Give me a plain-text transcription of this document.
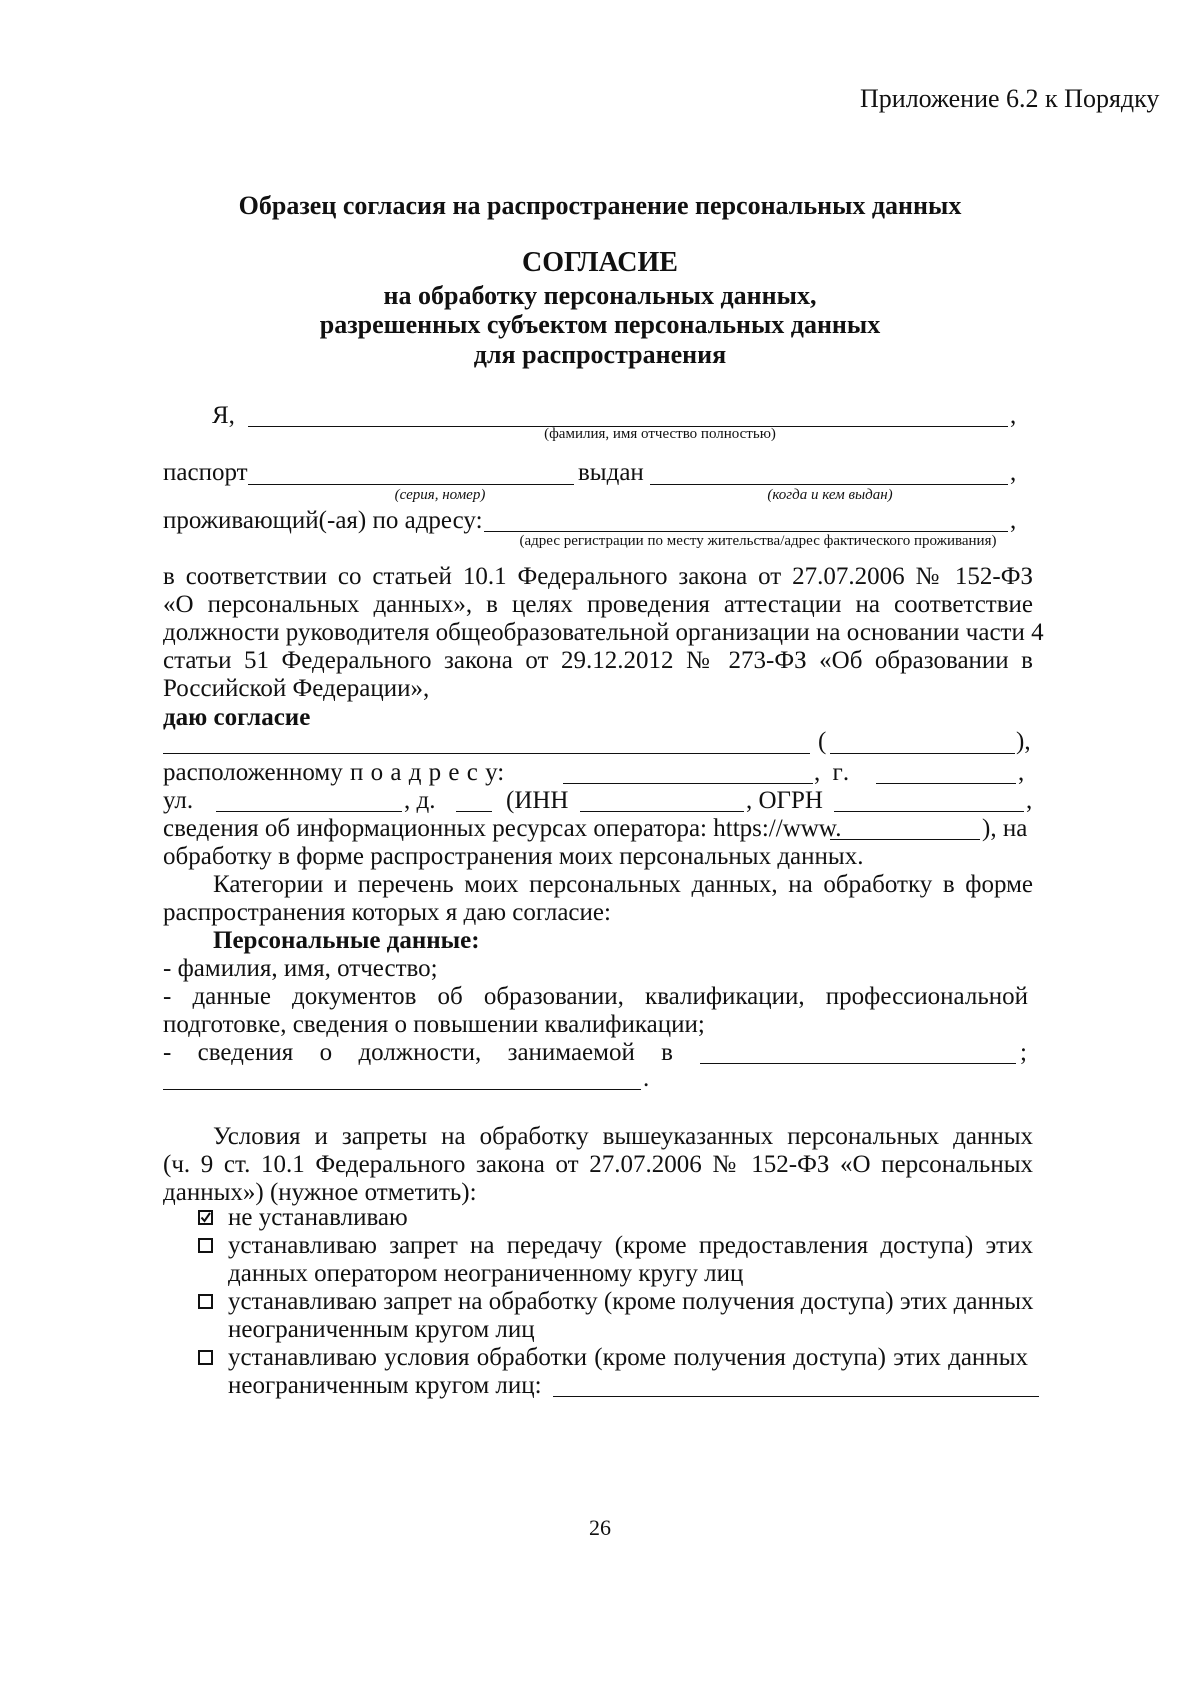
Приложение 6.2 к Порядку
Образец согласия на распространение персональных данных
СОГЛАСИЕ
на обработку персональных данных,
разрешенных субъектом персональных данных
для распространения
Я,	,
(фамилия, имя отчество полностью)
паспорт	выдан	,
(серия, номер)	(когда и кем выдан)
проживающий(-ая) по адресу:	,
(адрес регистрации по месту жительства/адрес фактического проживания)
в соответствии со статьей 10.1 Федерального закона от 27.07.2006 № 152-ФЗ
«О персональных данных», в целях проведения аттестации на соответствие
должности руководителя общеобразовательной организации на основании части 4
статьи 51 Федерального закона от 29.12.2012 № 273-ФЗ «Об образовании в
Российской Федерации»,
даю согласие
(	),
расположенному п о а д р е с у:	, г.	,
ул.	, д.	(ИНН	, ОГРН	,
сведения об информационных ресурсах оператора: https://www.	), на
обработку в форме распространения моих персональных данных.
Категории и перечень моих персональных данных, на обработку в форме
распространения которых я даю согласие:
Персональные данные:
- фамилия, имя, отчество;
- данные документов об образовании, квалификации, профессиональной
подготовке, сведения о повышении квалификации;
- сведения о должности, занимаемой в	;
.
Условия и запреты на обработку вышеуказанных персональных данных
(ч. 9 ст. 10.1 Федерального закона от 27.07.2006 № 152-ФЗ «О персональных
данных») (нужное отметить):
не устанавливаю
устанавливаю запрет на передачу (кроме предоставления доступа) этих
данных оператором неограниченному кругу лиц
устанавливаю запрет на обработку (кроме получения доступа) этих данных
неограниченным кругом лиц
устанавливаю условия обработки (кроме получения доступа) этих данных
неограниченным кругом лиц:
26
